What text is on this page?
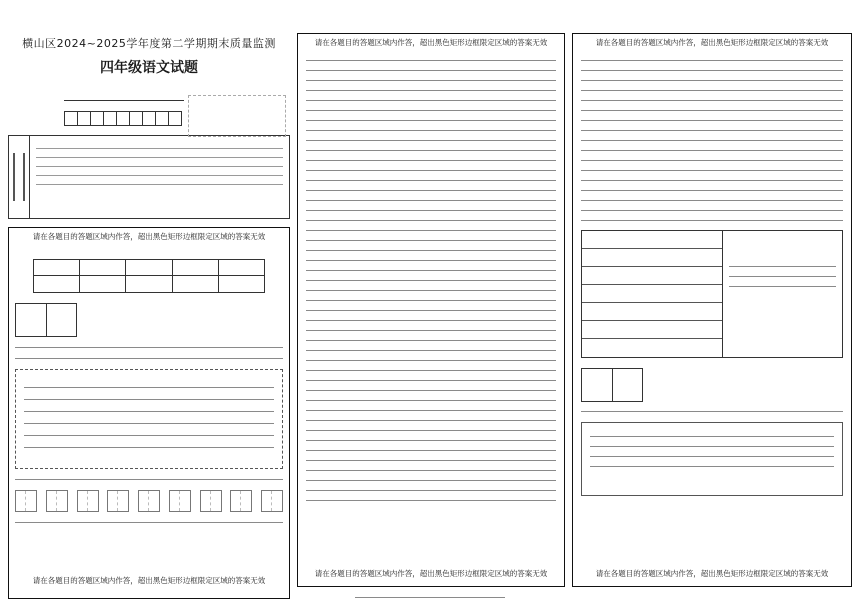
横山区2024~2025学年度第二学期期末质量监测
四年级语文试题
请在各题目的答题区域内作答，超出黑色矩形边框限定区域的答案无效
请在各题目的答题区域内作答，超出黑色矩形边框限定区域的答案无效
请在各题目的答题区域内作答，超出黑色矩形边框限定区域的答案无效
请在各题目的答题区域内作答，超出黑色矩形边框限定区域的答案无效
请在各题目的答题区域内作答，超出黑色矩形边框限定区域的答案无效
请在各题目的答题区域内作答，超出黑色矩形边框限定区域的答案无效
